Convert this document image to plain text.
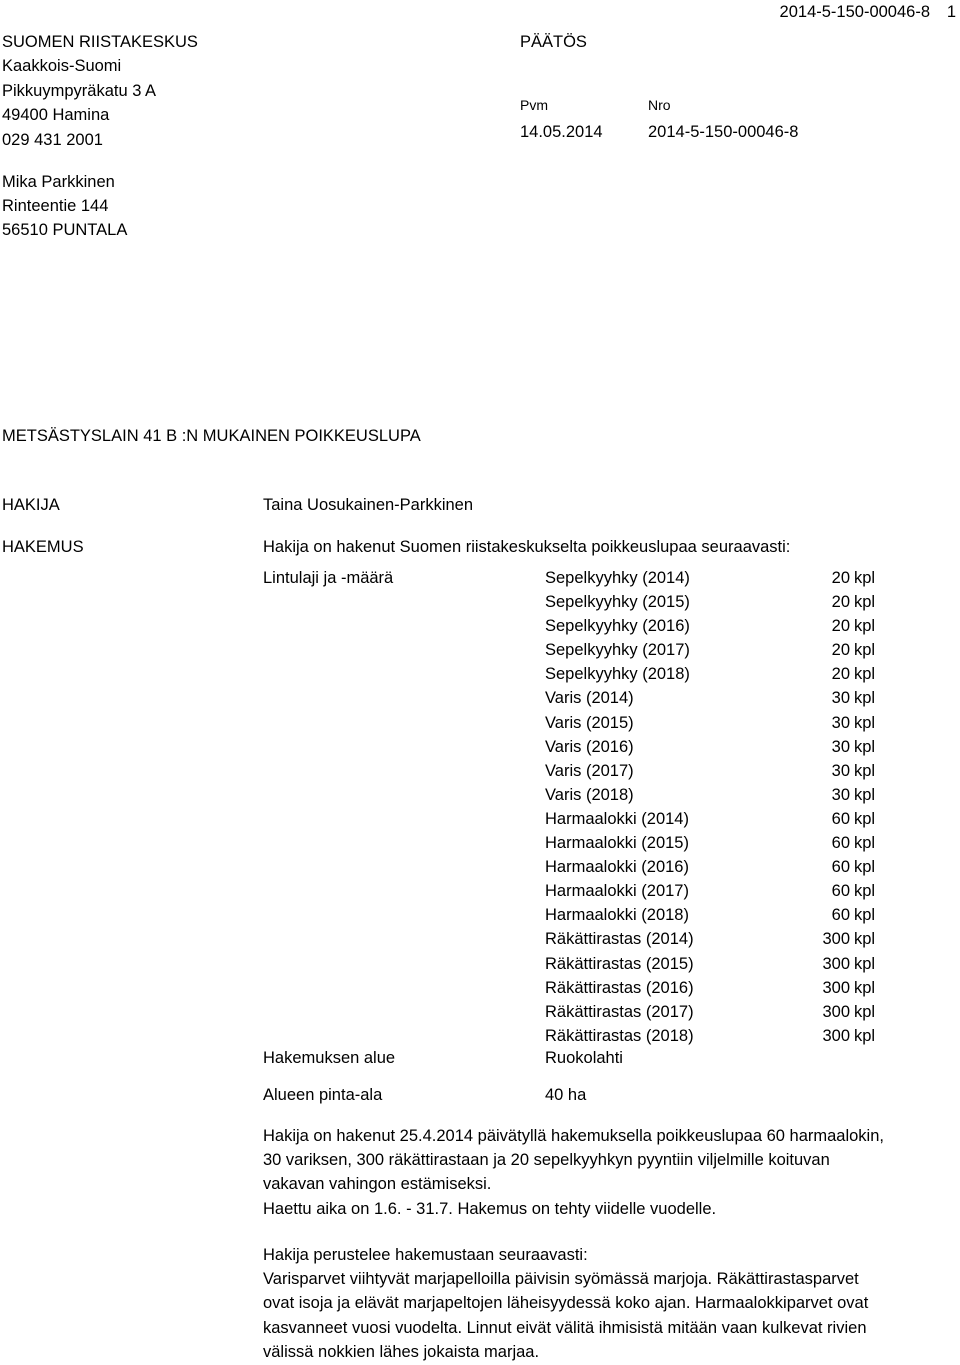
SUOMEN RIISTAKESKUS
Kaakkois-Suomi
Pikkuympyräkatu 3 A
49400 Hamina
029 431 2001
PÄÄTÖS
2014-5-150-00046-8 1
Pvm	Nro
14.05.2014	2014-5-150-00046-8
Mika Parkkinen
Rinteentie 144
56510 PUNTALA
METSÄSTYSLAIN 41 B :N MUKAINEN POIKKEUSLUPA
HAKIJA	Taina Uosukainen-Parkkinen
HAKEMUS	Hakija on hakenut Suomen riistakeskukselta poikkeuslupaa seuraavasti:
Lintulaji ja -määrä	Sepelkyyhky (2014)	20 kpl
Sepelkyyhky (2015)	20 kpl
Sepelkyyhky (2016)	20 kpl
Sepelkyyhky (2017)	20 kpl
Sepelkyyhky (2018)	20 kpl
Varis (2014)	30 kpl
Varis (2015)	30 kpl
Varis (2016)	30 kpl
Varis (2017)	30 kpl
Varis (2018)	30 kpl
Harmaalokki (2014)	60 kpl
Harmaalokki (2015)	60 kpl
Harmaalokki (2016)	60 kpl
Harmaalokki (2017)	60 kpl
Harmaalokki (2018)	60 kpl
Räkättirastas (2014)	300 kpl
Räkättirastas (2015)	300 kpl
Räkättirastas (2016)	300 kpl
Räkättirastas (2017)	300 kpl
Räkättirastas (2018)	300 kpl
Hakemuksen alue	Ruokolahti
Alueen pinta-ala	40 ha
Hakija on hakenut 25.4.2014 päivätyllä hakemuksella poikkeuslupaa 60 harmaalokin,
30 variksen, 300 räkättirastaan ja 20 sepelkyyhkyn pyyntiin viljelmille koituvan
vakavan vahingon estämiseksi.
Haettu aika on 1.6. - 31.7. Hakemus on tehty viidelle vuodelle.
Hakija perustelee hakemustaan seuraavasti:
Varisparvet viihtyvät marjapelloilla päivisin syömässä marjoja. Räkättirastasparvet
ovat isoja ja elävät marjapeltojen läheisyydessä koko ajan. Harmaalokkiparvet ovat
kasvanneet vuosi vuodelta. Linnut eivät välitä ihmisistä mitään vaan kulkevat rivien
välissä nokkien lähes jokaista marjaa.
